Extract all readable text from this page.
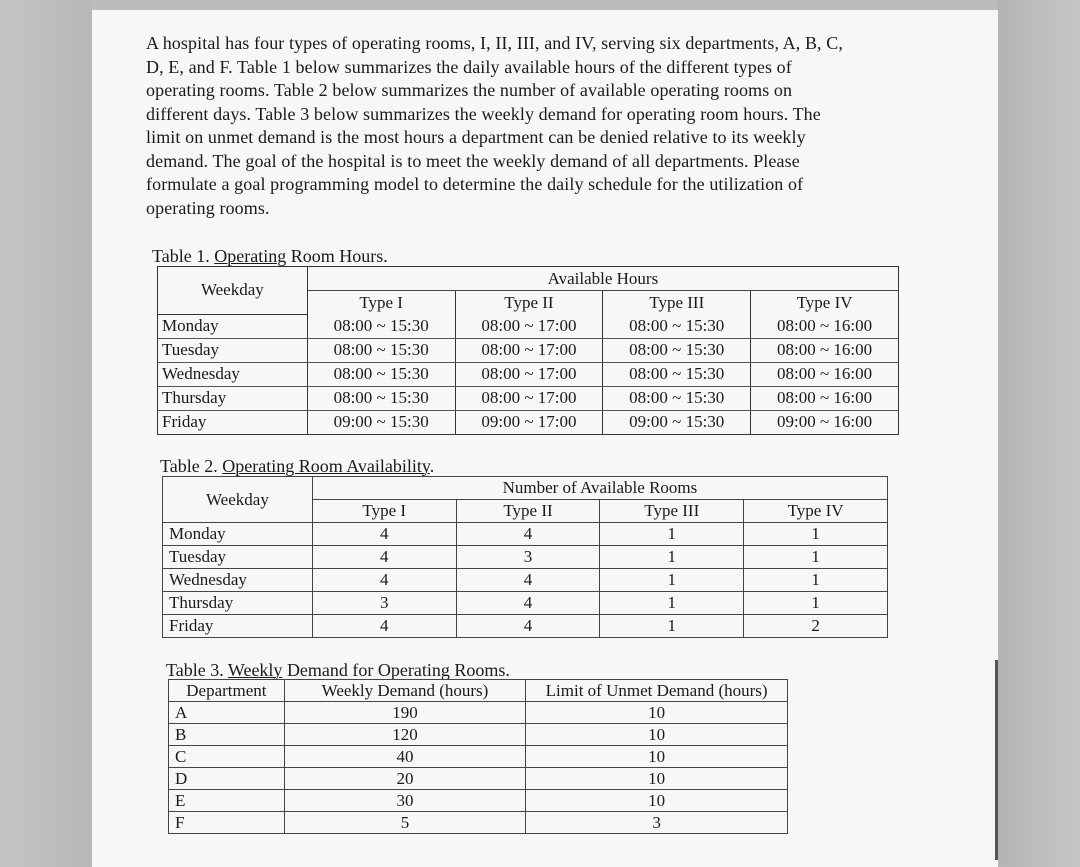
A hospital has four types of operating rooms, I, II, III, and IV, serving six departments, A, B, C,
D, E, and F. Table 1 below summarizes the daily available hours of the different types of
operating rooms. Table 2 below summarizes the number of available operating rooms on
different days. Table 3 below summarizes the weekly demand for operating room hours. The
limit on unmet demand is the most hours a department can be denied relative to its weekly
demand. The goal of the hospital is to meet the weekly demand of all departments. Please
formulate a goal programming model to determine the daily schedule for the utilization of
operating rooms.

Table 1. Operating Room Hours.
Weekday	Available Hours			
	Type I	Type II	Type III	Type IV
Monday	08:00 ~ 15:30	08:00 ~ 17:00	08:00 ~ 15:30	08:00 ~ 16:00
Tuesday	08:00 ~ 15:30	08:00 ~ 17:00	08:00 ~ 15:30	08:00 ~ 16:00
Wednesday	08:00 ~ 15:30	08:00 ~ 17:00	08:00 ~ 15:30	08:00 ~ 16:00
Thursday	08:00 ~ 15:30	08:00 ~ 17:00	08:00 ~ 15:30	08:00 ~ 16:00
Friday	09:00 ~ 15:30	09:00 ~ 17:00	09:00 ~ 15:30	09:00 ~ 16:00
Table 2. Operating Room Availability.
Weekday	Number of Available Rooms			
	Type I	Type II	Type III	Type IV
Monday	4	4	1	1
Tuesday	4	3	1	1
Wednesday	4	4	1	1
Thursday	3	4	1	1
Friday	4	4	1	2
Table 3. Weekly Demand for Operating Rooms.
Department	Weekly Demand (hours)	Limit of Unmet Demand (hours)
A	190	10
B	120	10
C	40	10
D	20	10
E	30	10
F	5	3
